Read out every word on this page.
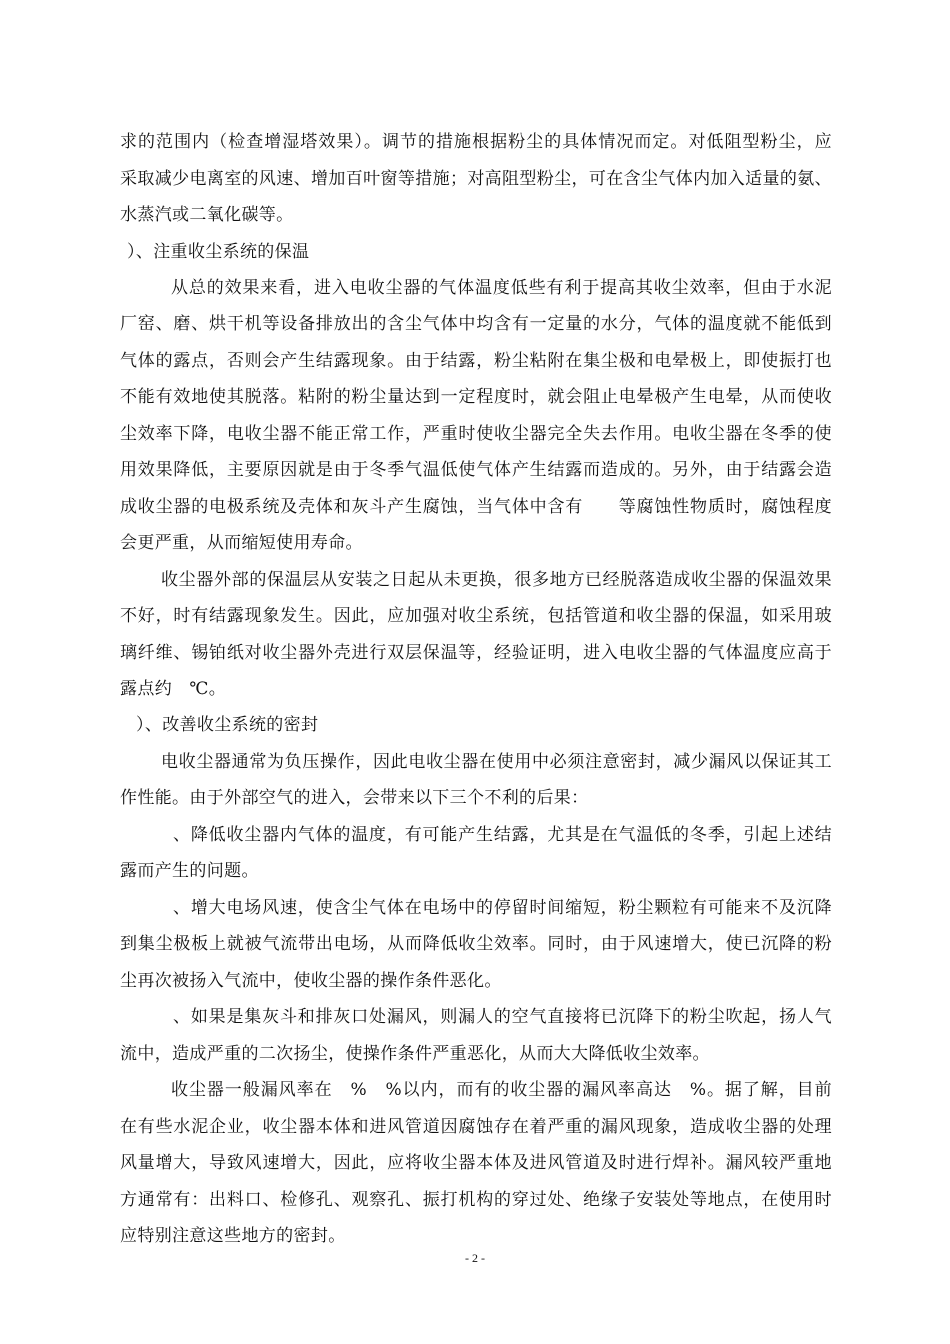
求的范围内（检查增湿塔效果）。调节的措施根据粉尘的具体情况而定。对低阻型粉尘，应
采取减少电离室的风速、增加百叶窗等措施；对高阻型粉尘，可在含尘气体内加入适量的氨、
水蒸汽或二氧化碳等。
）、注重收尘系统的保温
从总的效果来看，进入电收尘器的气体温度低些有利于提高其收尘效率，但由于水泥
厂窑、磨、烘干机等设备排放出的含尘气体中均含有一定量的水分，气体的温度就不能低到
气体的露点，否则会产生结露现象。由于结露，粉尘粘附在集尘极和电晕极上，即使振打也
不能有效地使其脱落。粘附的粉尘量达到一定程度时，就会阻止电晕极产生电晕，从而使收
尘效率下降，电收尘器不能正常工作，严重时使收尘器完全失去作用。电收尘器在冬季的使
用效果降低，主要原因就是由于冬季气温低使气体产生结露而造成的。另外，由于结露会造
成收尘器的电极系统及壳体和灰斗产生腐蚀，当气体中含有　　等腐蚀性物质时，腐蚀程度
会更严重，从而缩短使用寿命。
收尘器外部的保温层从安装之日起从未更换，很多地方已经脱落造成收尘器的保温效果
不好，时有结露现象发生。因此，应加强对收尘系统，包括管道和收尘器的保温，如采用玻
璃纤维、锡铂纸对收尘器外壳进行双层保温等，经验证明，进入电收尘器的气体温度应高于
露点约　℃。
）、改善收尘系统的密封
电收尘器通常为负压操作，因此电收尘器在使用中必须注意密封，减少漏风以保证其工
作性能。由于外部空气的进入，会带来以下三个不利的后果：
、降低收尘器内气体的温度，有可能产生结露，尤其是在气温低的冬季，引起上述结
露而产生的问题。
、增大电场风速，使含尘气体在电场中的停留时间缩短，粉尘颗粒有可能来不及沉降
到集尘极板上就被气流带出电场，从而降低收尘效率。同时，由于风速增大，使已沉降的粉
尘再次被扬入气流中，使收尘器的操作条件恶化。
、如果是集灰斗和排灰口处漏风，则漏人的空气直接将已沉降下的粉尘吹起，扬人气
流中，造成严重的二次扬尘，使操作条件严重恶化，从而大大降低收尘效率。
收尘器一般漏风率在　%　%以内，而有的收尘器的漏风率高达　%。据了解，目前
在有些水泥企业，收尘器本体和进风管道因腐蚀存在着严重的漏风现象，造成收尘器的处理
风量增大，导致风速增大，因此，应将收尘器本体及进风管道及时进行焊补。漏风较严重地
方通常有：出料口、检修孔、观察孔、振打机构的穿过处、绝缘子安装处等地点，在使用时
应特别注意这些地方的密封。
- 2 -
